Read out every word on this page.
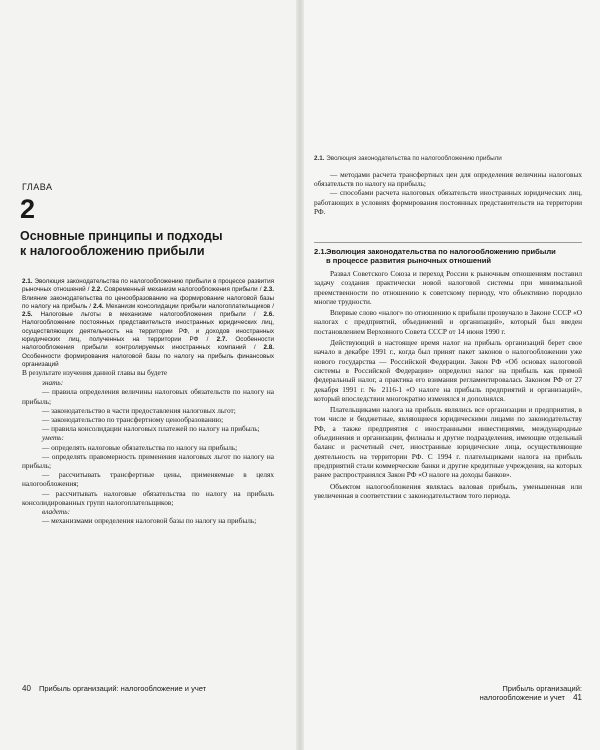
ГЛАВА
2
Основные принципы и подходы
к налогообложению прибыли
2.1. Эволюция законодательства по налогообложению прибыли в процессе развития рыночных отношений / 2.2. Современный механизм налогообложения прибыли / 2.3. Влияние законодательства по ценообразованию на формирование налоговой базы по налогу на прибыль / 2.4. Механизм консолидации прибыли налогоплательщиков / 2.5. Налоговые льготы в механизме налогообложения прибыли / 2.6. Налогообложение постоянных представительств иностранных юридических лиц, осуществляющих деятельность на территории РФ, и доходов иностранных юридических лиц, полученных на территории РФ / 2.7. Особенности налогообложения прибыли контролируемых иностранных компаний / 2.8. Особенности формирования налоговой базы по налогу на прибыль финансовых организаций

В результате изучения данной главы вы будете

знать:

— правила определения величины налоговых обязательств по налогу на прибыль;

— законодательство в части предоставления налоговых льгот;

— законодательство по трансфертному ценообразованию;

— правила консолидации налоговых платежей по налогу на прибыль;

уметь:

— определять налоговые обязательства по налогу на прибыль;

— определять правомерность применения налоговых льгот по налогу на прибыль;

— рассчитывать трансфертные цены, применяемые в целях налогообложения;

— рассчитывать налоговые обязательства по налогу на прибыль консолидированных групп налогоплательщиков;

владеть:

— механизмами определения налоговой базы по налогу на прибыль;

40 Прибыль организаций: налогообложение и учет
2.1. Эволюция законодательства по налогообложению прибыли

— методами расчета трансфертных цен для определения величины налоговых обязательств по налогу на прибыль;

— способами расчета налоговых обязательств иностранных юридических лиц, работающих в условиях формирования постоянных представительств на территории РФ.

2.1.Эволюция законодательства по налогообложению прибыли
в процессе развития рыночных отношений

Развал Советского Союза и переход России к рыночным отношениям поставил задачу создания практически новой налоговой системы при минимальной преемственности по отношению к советскому периоду, что объективно породило многие трудности.

Впервые слово «налог» по отношению к прибыли прозвучало в Законе СССР «О налогах с предприятий, объединений и организаций», который был введен постановлением Верховного Совета СССР от 14 июня 1990 г.

Действующий в настоящее время налог на прибыль организаций берет свое начало в декабре 1991 г., когда был принят пакет законов о налогообложении уже нового государства — Российской Федерации. Закон РФ «Об основах налоговой системы в Российской Федерации» определил налог на прибыль как прямой федеральный налог, а практика его взимания регламентировалась Законом РФ от 27 декабря 1991 г. № 2116-1 «О налоге на прибыль предприятий и организаций», который впоследствии многократно изменялся и дополнялся.

Плательщиками налога на прибыль являлись все организации и предприятия, в том числе и бюджетные, являющиеся юридическими лицами по законодательству РФ, а также предприятия с иностранными инвестициями, международные объединения и организации, филиалы и другие подразделения, имеющие отдельный баланс и расчетный счет, иностранные юридические лица, осуществляющие деятельность на территории РФ. С 1994 г. плательщиками налога на прибыль предприятий стали коммерческие банки и другие кредитные учреждения, на которых ранее распространялся Закон РФ «О налоге на доходы банков».

Объектом налогообложения являлась валовая прибыль, уменьшенная или увеличенная в соответствии с законодательством того периода.

Прибыль организаций: налогообложение и учет 41
